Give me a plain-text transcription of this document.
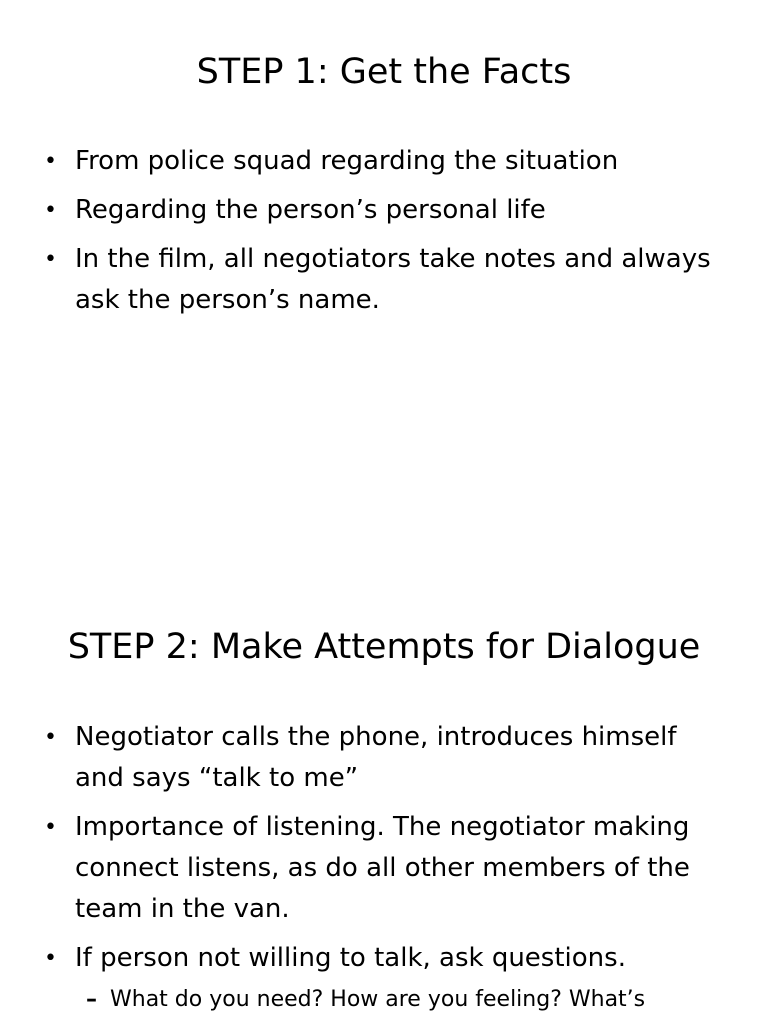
STEP 1: Get the Facts
• From police squad regarding the situation
• Regarding the person’s personal life
• In the film, all negotiators take notes and always ask the person’s name.
STEP 2: Make Attempts for Dialogue
• Negotiator calls the phone, introduces himself and says “talk to me”
• Importance of listening. The negotiator making connect listens, as do all other members of the team in the van.
• If person not willing to talk, ask questions.
– What do you need? How are you feeling? What’s
